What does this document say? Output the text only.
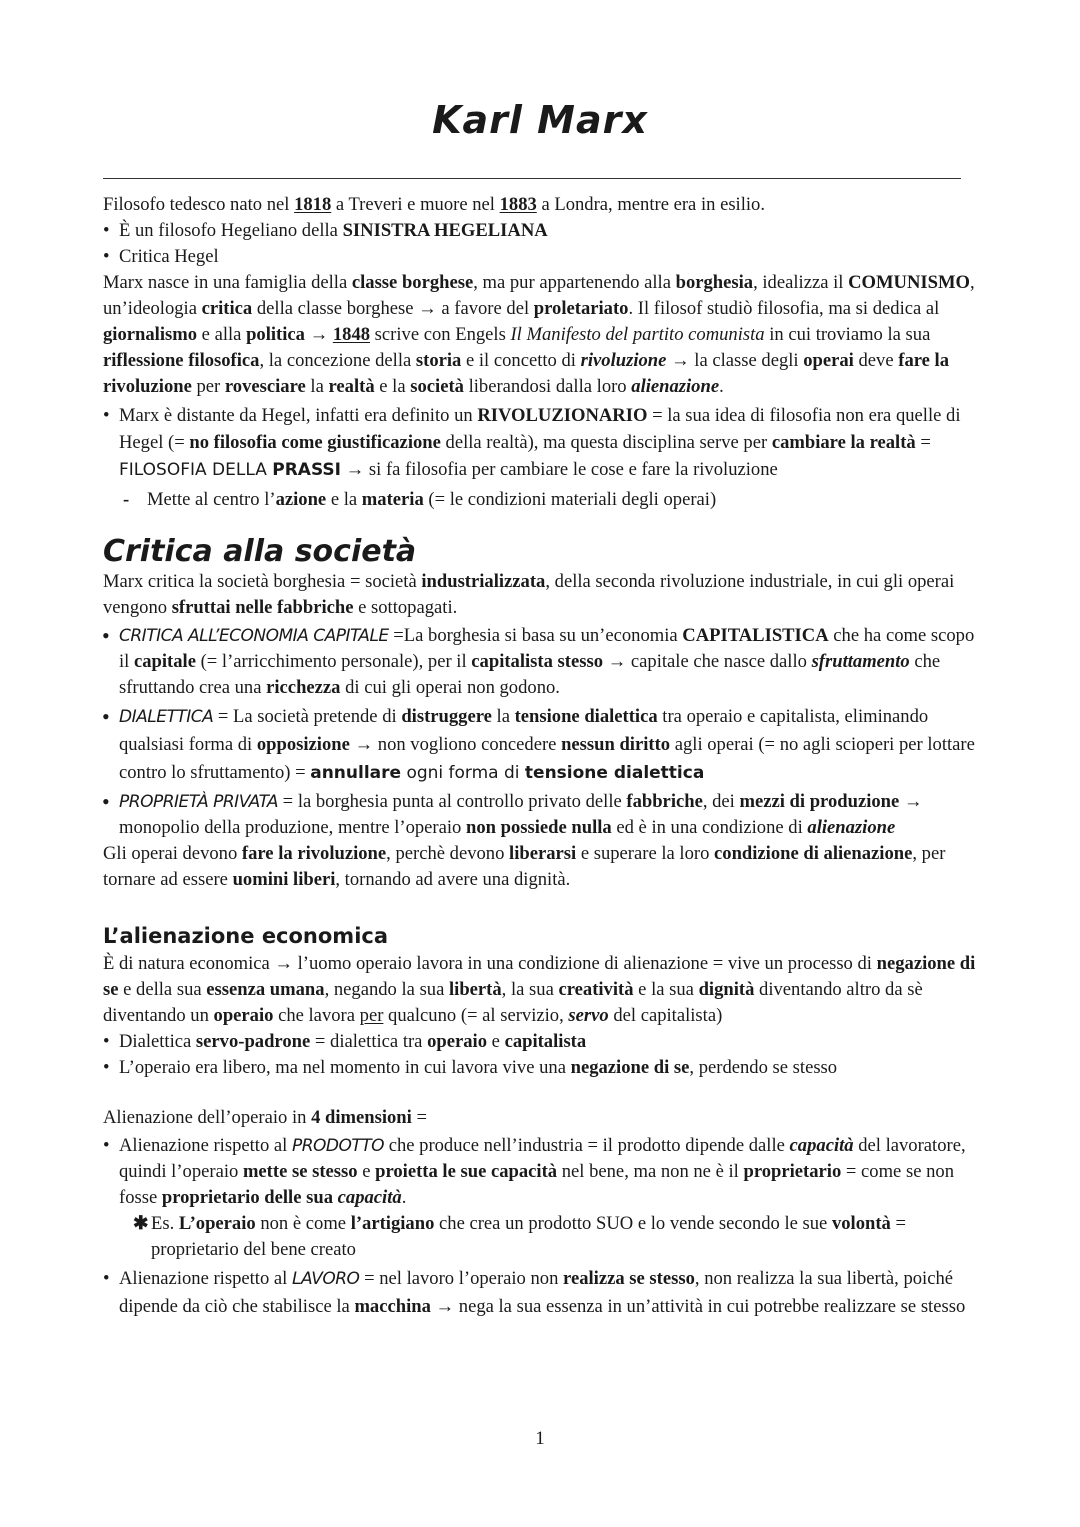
Karl Marx

Filosofo tedesco nato nel 1818 a Treveri e muore nel 1883 a Londra, mentre era in esilio.

• È un filosofo Hegeliano della SINISTRA HEGELIANA

• Critica Hegel

Marx nasce in una famiglia della classe borghese, ma pur appartenendo alla borghesia, idealizza il COMUNISMO, un’ideologia critica della classe borghese → a favore del proletariato. Il filosof studiò filosofia, ma si dedica al giornalismo e alla politica → 1848 scrive con Engels Il Manifesto del partito comunista in cui troviamo la sua riflessione filosofica, la concezione della storia e il concetto di rivoluzione → la classe degli operai deve fare la rivoluzione per rovesciare la realtà e la società liberandosi dalla loro alienazione.

• Marx è distante da Hegel, infatti era definito un RIVOLUZIONARIO = la sua idea di filosofia non era quelle di Hegel (= no filosofia come giustificazione della realtà), ma questa disciplina serve per cambiare la realtà = FILOSOFIA DELLA PRASSI → si fa filosofia per cambiare le cose e fare la rivoluzione

- Mette al centro l’azione e la materia (= le condizioni materiali degli operai)

Critica alla società

Marx critica la società borghesia = società industrializzata, della seconda rivoluzione industriale, in cui gli operai vengono sfruttai nelle fabbriche e sottopagati.

• CRITICA ALL’ECONOMIA CAPITALE =La borghesia si basa su un’economia CAPITALISTICA che ha come scopo il capitale (= l’arricchimento personale), per il capitalista stesso → capitale che nasce dallo sfruttamento che sfruttando crea una ricchezza di cui gli operai non godono.

• DIALETTICA = La società pretende di distruggere la tensione dialettica tra operaio e capitalista, eliminando qualsiasi forma di opposizione → non vogliono concedere nessun diritto agli operai (= no agli scioperi per lottare contro lo sfruttamento) = annullare ogni forma di tensione dialettica

• PROPRIETÀ PRIVATA = la borghesia punta al controllo privato delle fabbriche, dei mezzi di produzione → monopolio della produzione, mentre l’operaio non possiede nulla ed è in una condizione di alienazione

Gli operai devono fare la rivoluzione, perchè devono liberarsi e superare la loro condizione di alienazione, per tornare ad essere uomini liberi, tornando ad avere una dignità.

L’alienazione economica

È di natura economica → l’uomo operaio lavora in una condizione di alienazione = vive un processo di negazione di se e della sua essenza umana, negando la sua libertà, la sua creatività e la sua dignità diventando altro da sè diventando un operaio che lavora per qualcuno (= al servizio, servo del capitalista)

• Dialettica servo-padrone = dialettica tra operaio e capitalista

• L’operaio era libero, ma nel momento in cui lavora vive una negazione di se, perdendo se stesso

Alienazione dell’operaio in 4 dimensioni =

• Alienazione rispetto al PRODOTTO che produce nell’industria = il prodotto dipende dalle capacità del lavoratore, quindi l’operaio mette se stesso e proietta le sue capacità nel bene, ma non ne è il proprietario = come se non fosse proprietario delle sua capacità.

✱ Es. L’operaio non è come l’artigiano che crea un prodotto SUO e lo vende secondo le sue volontà = proprietario del bene creato

• Alienazione rispetto al LAVORO = nel lavoro l’operaio non realizza se stesso, non realizza la sua libertà, poiché dipende da ciò che stabilisce la macchina → nega la sua essenza in un’attività in cui potrebbe realizzare se stesso

1
